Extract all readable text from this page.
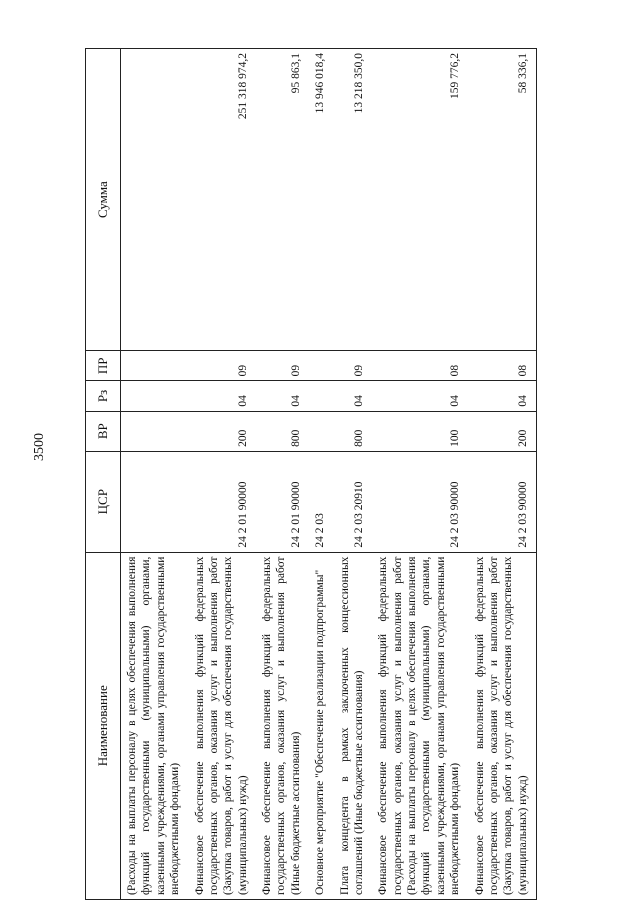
3500
Наименование	ЦСР	ВР	Рз	ПР	Сумма
(Расходы на выплаты персоналу в целях обеспечения выполнения функций государственными (муниципальными) органами, казенными учреждениями, органами управления государственными внебюджетными фондами)					
Финансовое обеспечение выполнения функций федеральных государственных органов, оказания услуг и выполнения работ (Закупка товаров, работ и услуг для обеспечения государственных (муниципальных) нужд)	24 2 01 90000	200	04	09	251 318 974,2
Финансовое обеспечение выполнения функций федеральных государственных органов, оказания услуг и выполнения работ (Иные бюджетные ассигнования)	24 2 01 90000	800	04	09	95 863,1
Основное мероприятие "Обеспечение реализации подпрограммы"	24 2 03				13 946 018,4
Плата концедента в рамках заключенных концессионных соглашений (Иные бюджетные ассигнования)	24 2 03 20910	800	04	09	13 218 350,0
Финансовое обеспечение выполнения функций федеральных государственных органов, оказания услуг и выполнения работ (Расходы на выплаты персоналу в целях обеспечения выполнения функций государственными (муниципальными) органами, казенными учреждениями, органами управления государственными внебюджетными фондами)	24 2 03 90000	100	04	08	159 776,2
Финансовое обеспечение выполнения функций федеральных государственных органов, оказания услуг и выполнения работ (Закупка товаров, работ и услуг для обеспечения государственных (муниципальных) нужд)	24 2 03 90000	200	04	08	58 336,1
